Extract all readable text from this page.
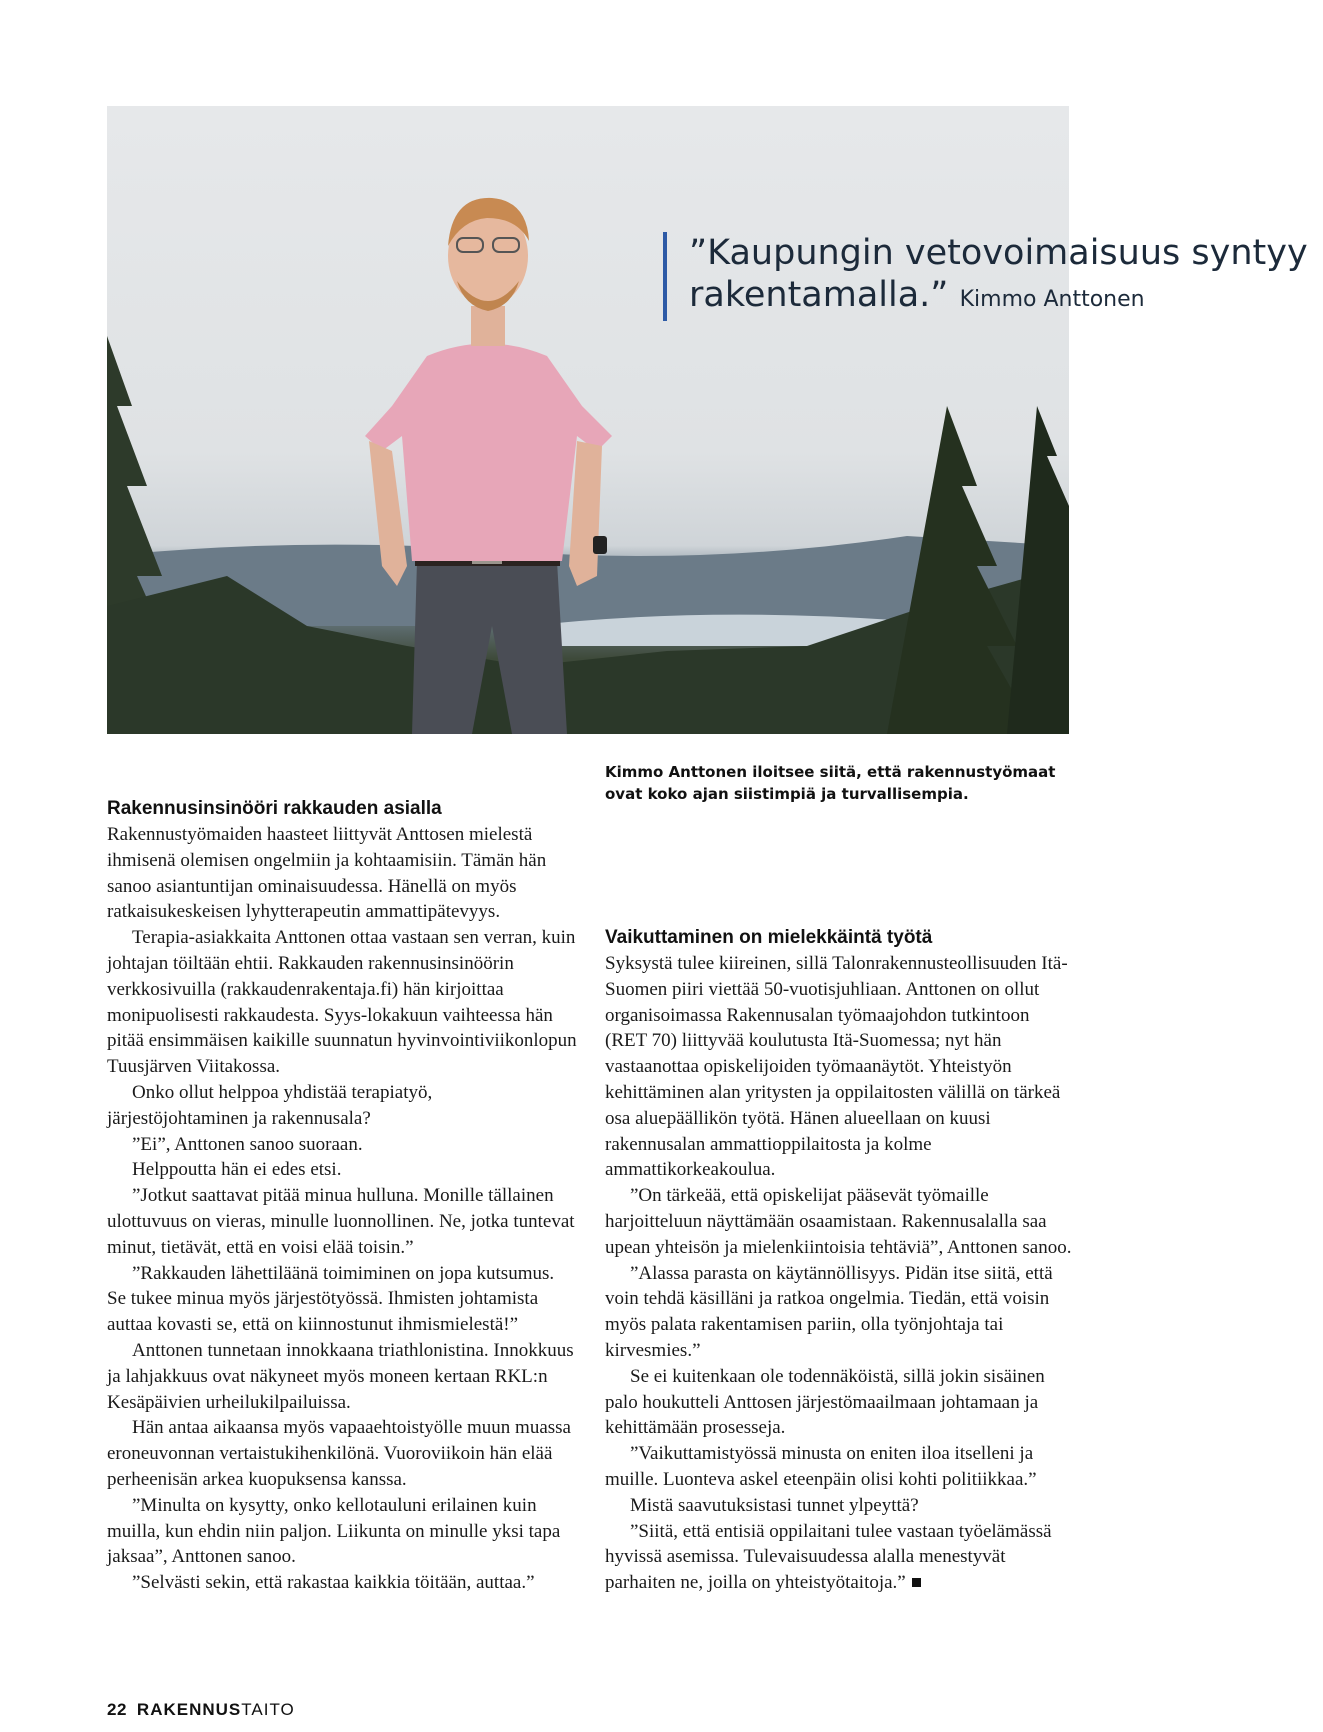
”Kaupungin vetovoimaisuus syntyy rakentamalla.” Kimmo Anttonen
Kimmo Anttonen iloitsee siitä, että rakennustyömaat ovat koko ajan siistimpiä ja turvallisempia.
Rakennusinsinööri rakkauden asialla

Rakennustyömaiden haasteet liittyvät Anttosen mielestä ihmisenä olemisen ongelmiin ja kohtaamisiin. Tämän hän sanoo asiantuntijan ominaisuudessa. Hänellä on myös ratkaisukeskeisen lyhytterapeutin ammattipätevyys.

Terapia-asiakkaita Anttonen ottaa vastaan sen verran, kuin johtajan töiltään ehtii. Rakkauden rakennusinsinöörin verkkosivuilla (rakkaudenrakentaja.fi) hän kirjoittaa monipuolisesti rakkaudesta. Syys-lokakuun vaihteessa hän pitää ensimmäisen kaikille suunnatun hyvinvointiviikonlopun Tuusjärven Viitakossa.

Onko ollut helppoa yhdistää terapiatyö, järjestöjohtaminen ja rakennusala?

”Ei”, Anttonen sanoo suoraan.

Helppoutta hän ei edes etsi.

”Jotkut saattavat pitää minua hulluna. Monille tällainen ulottuvuus on vieras, minulle luonnollinen. Ne, jotka tuntevat minut, tietävät, että en voisi elää toisin.”

”Rakkauden lähettiläänä toimiminen on jopa kutsumus. Se tukee minua myös järjestötyössä. Ihmisten johtamista auttaa kovasti se, että on kiinnostunut ihmismielestä!”

Anttonen tunnetaan innokkaana triathlonistina. Innokkuus ja lahjakkuus ovat näkyneet myös moneen kertaan RKL:n Kesäpäivien urheilukilpailuissa.

Hän antaa aikaansa myös vapaaehtoistyölle muun muassa eroneuvonnan vertaistukihenkilönä. Vuoroviikoin hän elää perheenisän arkea kuopuksensa kanssa.

”Minulta on kysytty, onko kellotauluni erilainen kuin muilla, kun ehdin niin paljon. Liikunta on minulle yksi tapa jaksaa”, Anttonen sanoo.

”Selvästi sekin, että rakastaa kaikkia töitään, auttaa.”

Vaikuttaminen on mielekkäintä työtä

Syksystä tulee kiireinen, sillä Talonrakennusteollisuuden Itä-Suomen piiri viettää 50-vuotisjuhliaan. Anttonen on ollut organisoimassa Rakennusalan työmaajohdon tutkintoon (RET 70) liittyvää koulutusta Itä-Suomessa; nyt hän vastaanottaa opiskelijoiden työmaanäytöt. Yhteistyön kehittäminen alan yritysten ja oppilaitosten välillä on tärkeä osa aluepäällikön työtä. Hänen alueellaan on kuusi rakennusalan ammattioppilaitosta ja kolme ammattikorkeakoulua.

”On tärkeää, että opiskelijat pääsevät työmaille harjoitteluun näyttämään osaamistaan. Rakennusalalla saa upean yhteisön ja mielenkiintoisia tehtäviä”, Anttonen sanoo.

”Alassa parasta on käytännöllisyys. Pidän itse siitä, että voin tehdä käsilläni ja ratkoa ongelmia. Tiedän, että voisin myös palata rakentamisen pariin, olla työnjohtaja tai kirvesmies.”

Se ei kuitenkaan ole todennäköistä, sillä jokin sisäinen palo houkutteli Anttosen järjestömaailmaan johtamaan ja kehittämään prosesseja.

”Vaikuttamistyössä minusta on eniten iloa itselleni ja muille. Luonteva askel eteenpäin olisi kohti politiikkaa.”

Mistä saavutuksistasi tunnet ylpeyttä?

”Siitä, että entisiä oppilaitani tulee vastaan työelämässä hyvissä asemissa. Tulevaisuudessa alalla menestyvät parhaiten ne, joilla on yhteistyötaitoja.”

22 RAKENNUSTAITO
